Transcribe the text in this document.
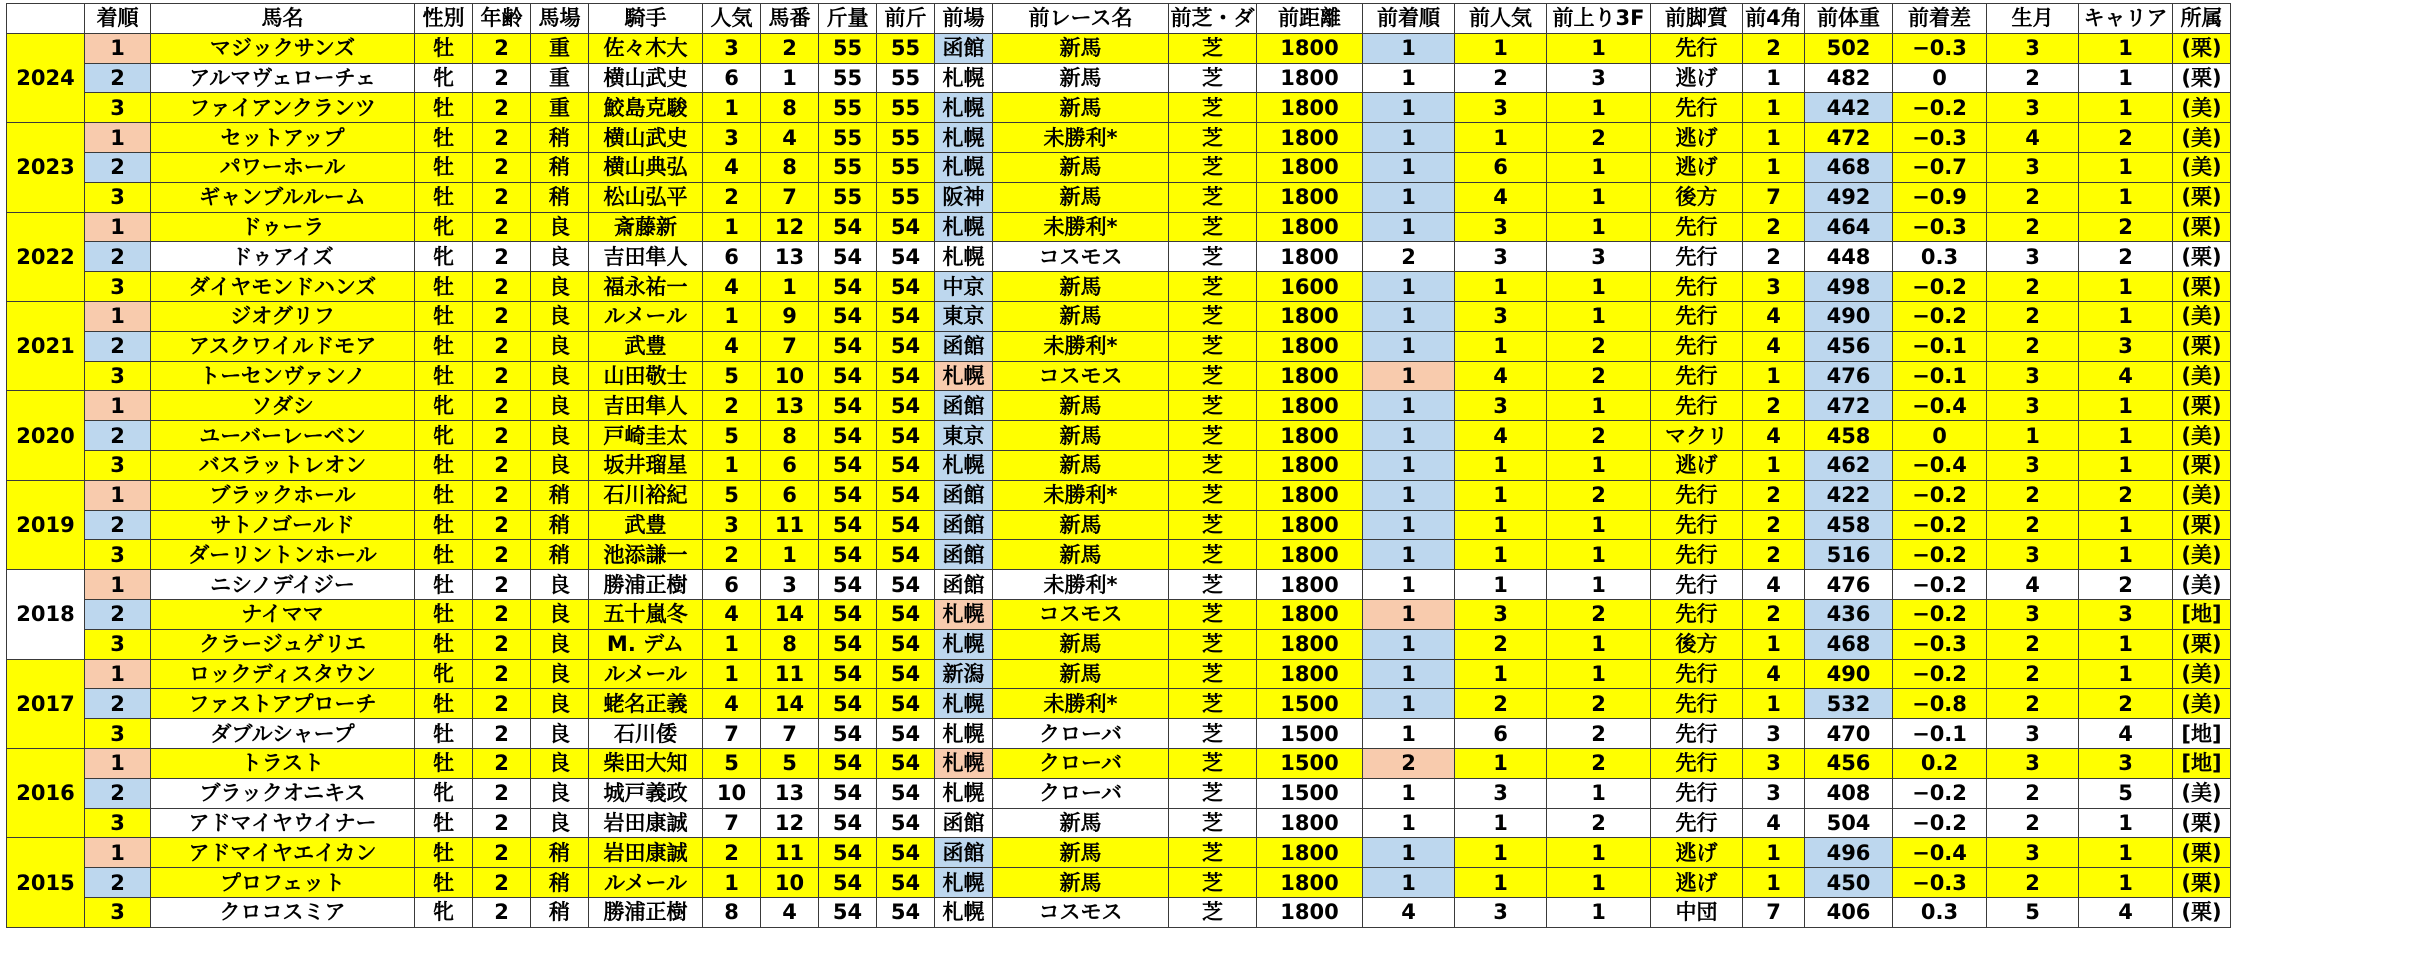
	着順	馬名	性別	年齢	馬場	騎手	人気	馬番	斤量	前斤	前場	前レース名	前芝・ダ	前距離	前着順	前人気	前上り3F	前脚質	前4角	前体重	前着差	生月	キャリア	所属
2024	1	マジックサンズ	牡	2	重	佐々木大	3	2	55	55	函館	新馬	芝	1800	1	1	1	先行	2	502	−0.3	3	1	(栗)
	2	アルマヴェローチェ	牝	2	重	横山武史	6	1	55	55	札幌	新馬	芝	1800	1	2	3	逃げ	1	482	0	2	1	(栗)
	3	ファイアンクランツ	牡	2	重	鮫島克駿	1	8	55	55	札幌	新馬	芝	1800	1	3	1	先行	1	442	−0.2	3	1	(美)
2023	1	セットアップ	牡	2	稍	横山武史	3	4	55	55	札幌	未勝利*	芝	1800	1	1	2	逃げ	1	472	−0.3	4	2	(美)
	2	パワーホール	牡	2	稍	横山典弘	4	8	55	55	札幌	新馬	芝	1800	1	6	1	逃げ	1	468	−0.7	3	1	(美)
	3	ギャンブルルーム	牡	2	稍	松山弘平	2	7	55	55	阪神	新馬	芝	1800	1	4	1	後方	7	492	−0.9	2	1	(栗)
2022	1	ドゥーラ	牝	2	良	斎藤新	1	12	54	54	札幌	未勝利*	芝	1800	1	3	1	先行	2	464	−0.3	2	2	(栗)
	2	ドゥアイズ	牝	2	良	吉田隼人	6	13	54	54	札幌	コスモス	芝	1800	2	3	3	先行	2	448	0.3	3	2	(栗)
	3	ダイヤモンドハンズ	牡	2	良	福永祐一	4	1	54	54	中京	新馬	芝	1600	1	1	1	先行	3	498	−0.2	2	1	(栗)
2021	1	ジオグリフ	牡	2	良	ルメール	1	9	54	54	東京	新馬	芝	1800	1	3	1	先行	4	490	−0.2	2	1	(美)
	2	アスクワイルドモア	牡	2	良	武豊	4	7	54	54	函館	未勝利*	芝	1800	1	1	2	先行	4	456	−0.1	2	3	(栗)
	3	トーセンヴァンノ	牡	2	良	山田敬士	5	10	54	54	札幌	コスモス	芝	1800	1	4	2	先行	1	476	−0.1	3	4	(美)
2020	1	ソダシ	牝	2	良	吉田隼人	2	13	54	54	函館	新馬	芝	1800	1	3	1	先行	2	472	−0.4	3	1	(栗)
	2	ユーバーレーベン	牝	2	良	戸崎圭太	5	8	54	54	東京	新馬	芝	1800	1	4	2	マクリ	4	458	0	1	1	(美)
	3	バスラットレオン	牡	2	良	坂井瑠星	1	6	54	54	札幌	新馬	芝	1800	1	1	1	逃げ	1	462	−0.4	3	1	(栗)
2019	1	ブラックホール	牡	2	稍	石川裕紀	5	6	54	54	函館	未勝利*	芝	1800	1	1	2	先行	2	422	−0.2	2	2	(美)
	2	サトノゴールド	牡	2	稍	武豊	3	11	54	54	函館	新馬	芝	1800	1	1	1	先行	2	458	−0.2	2	1	(栗)
	3	ダーリントンホール	牡	2	稍	池添謙一	2	1	54	54	函館	新馬	芝	1800	1	1	1	先行	2	516	−0.2	3	1	(美)
2018	1	ニシノデイジー	牡	2	良	勝浦正樹	6	3	54	54	函館	未勝利*	芝	1800	1	1	1	先行	4	476	−0.2	4	2	(美)
	2	ナイママ	牡	2	良	五十嵐冬	4	14	54	54	札幌	コスモス	芝	1800	1	3	2	先行	2	436	−0.2	3	3	[地]
	3	クラージュゲリエ	牡	2	良	M. デム	1	8	54	54	札幌	新馬	芝	1800	1	2	1	後方	1	468	−0.3	2	1	(栗)
2017	1	ロックディスタウン	牝	2	良	ルメール	1	11	54	54	新潟	新馬	芝	1800	1	1	1	先行	4	490	−0.2	2	1	(美)
	2	ファストアプローチ	牡	2	良	蛯名正義	4	14	54	54	札幌	未勝利*	芝	1500	1	2	2	先行	1	532	−0.8	2	2	(美)
	3	ダブルシャープ	牡	2	良	石川倭	7	7	54	54	札幌	クローバ	芝	1500	1	6	2	先行	3	470	−0.1	3	4	[地]
2016	1	トラスト	牡	2	良	柴田大知	5	5	54	54	札幌	クローバ	芝	1500	2	1	2	先行	3	456	0.2	3	3	[地]
	2	ブラックオニキス	牝	2	良	城戸義政	10	13	54	54	札幌	クローバ	芝	1500	1	3	1	先行	3	408	−0.2	2	5	(美)
	3	アドマイヤウイナー	牡	2	良	岩田康誠	7	12	54	54	函館	新馬	芝	1800	1	1	2	先行	4	504	−0.2	2	1	(栗)
2015	1	アドマイヤエイカン	牡	2	稍	岩田康誠	2	11	54	54	函館	新馬	芝	1800	1	1	1	逃げ	1	496	−0.4	3	1	(栗)
	2	プロフェット	牡	2	稍	ルメール	1	10	54	54	札幌	新馬	芝	1800	1	1	1	逃げ	1	450	−0.3	2	1	(栗)
	3	クロコスミア	牝	2	稍	勝浦正樹	8	4	54	54	札幌	コスモス	芝	1800	4	3	1	中団	7	406	0.3	5	4	(栗)
